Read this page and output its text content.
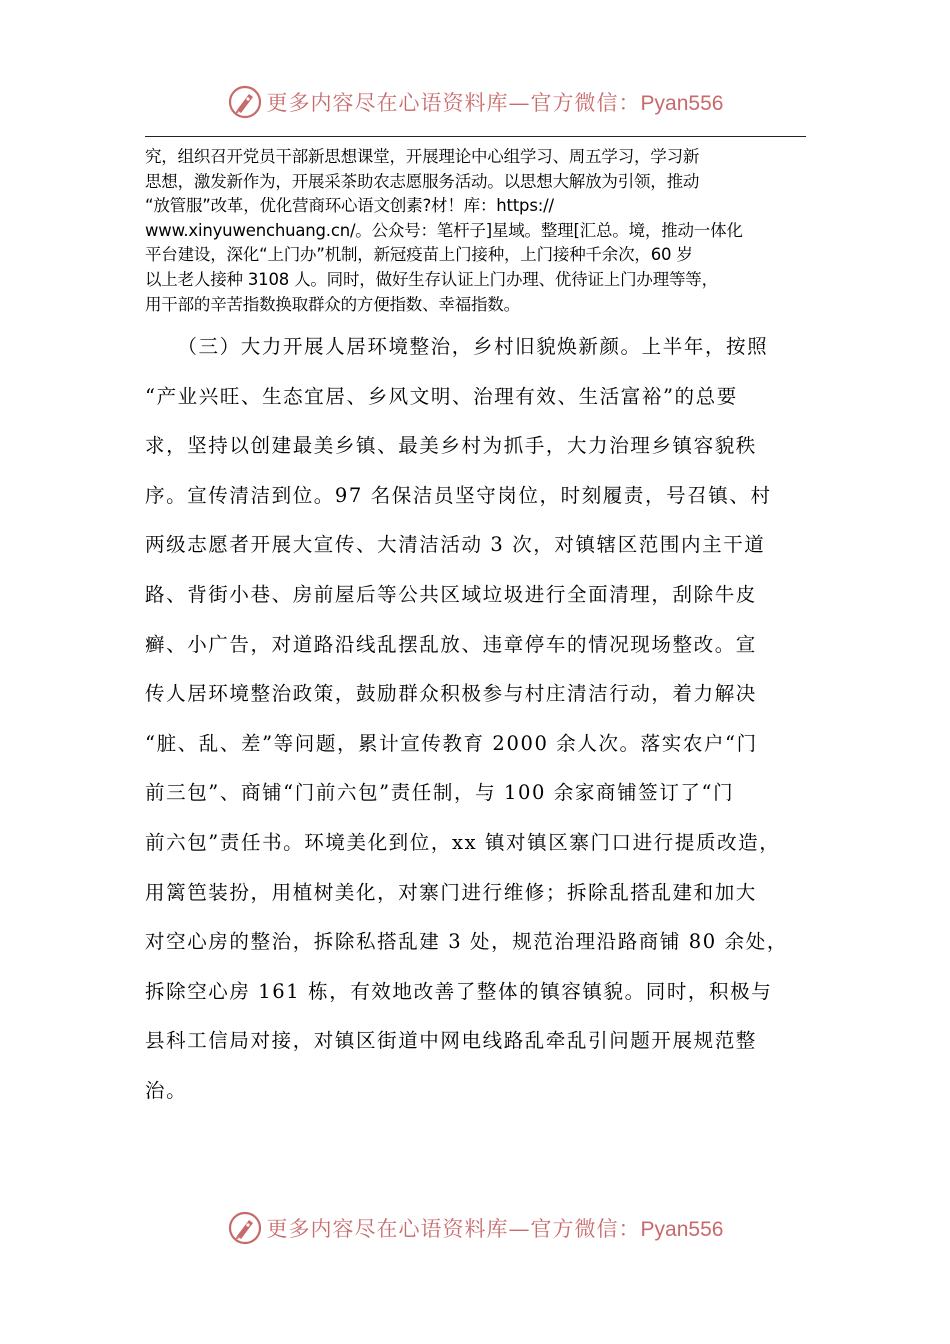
更多内容尽在心语资料库—官方微信：Pyan556
究，组织召开党员干部新思想课堂，开展理论中心组学习、周五学习，学习新
思想，激发新作为，开展采茶助农志愿服务活动。以思想大解放为引领，推动
“放管服”改革，优化营商环心语文创素?材！库：https://
www.xinyuwenchuang.cn/。公众号：笔杆子]星域。整理[汇总。境，推动一体化
平台建设，深化“上门办”机制，新冠疫苗上门接种，上门接种千余次，60 岁
以上老人接种 3108 人。同时，做好生存认证上门办理、优待证上门办理等等，
用干部的辛苦指数换取群众的方便指数、幸福指数。
　　（三）大力开展人居环境整治，乡村旧貌焕新颜。上半年，按照
“产业兴旺、生态宜居、乡风文明、治理有效、生活富裕”的总要
求，坚持以创建最美乡镇、最美乡村为抓手，大力治理乡镇容貌秩
序。宣传清洁到位。97 名保洁员坚守岗位，时刻履责，号召镇、村
两级志愿者开展大宣传、大清洁活动 3 次，对镇辖区范围内主干道
路、背街小巷、房前屋后等公共区域垃圾进行全面清理，刮除牛皮
癣、小广告，对道路沿线乱摆乱放、违章停车的情况现场整改。宣
传人居环境整治政策，鼓励群众积极参与村庄清洁行动，着力解决
“脏、乱、差”等问题，累计宣传教育 2000 余人次。落实农户“门
前三包”、商铺“门前六包”责任制，与 100 余家商铺签订了“门
前六包”责任书。环境美化到位，xx 镇对镇区寨门口进行提质改造，
用篱笆装扮，用植树美化，对寨门进行维修；拆除乱搭乱建和加大
对空心房的整治，拆除私搭乱建 3 处，规范治理沿路商铺 80 余处，
拆除空心房 161 栋，有效地改善了整体的镇容镇貌。同时，积极与
县科工信局对接，对镇区街道中网电线路乱牵乱引问题开展规范整
治。
更多内容尽在心语资料库—官方微信：Pyan556
